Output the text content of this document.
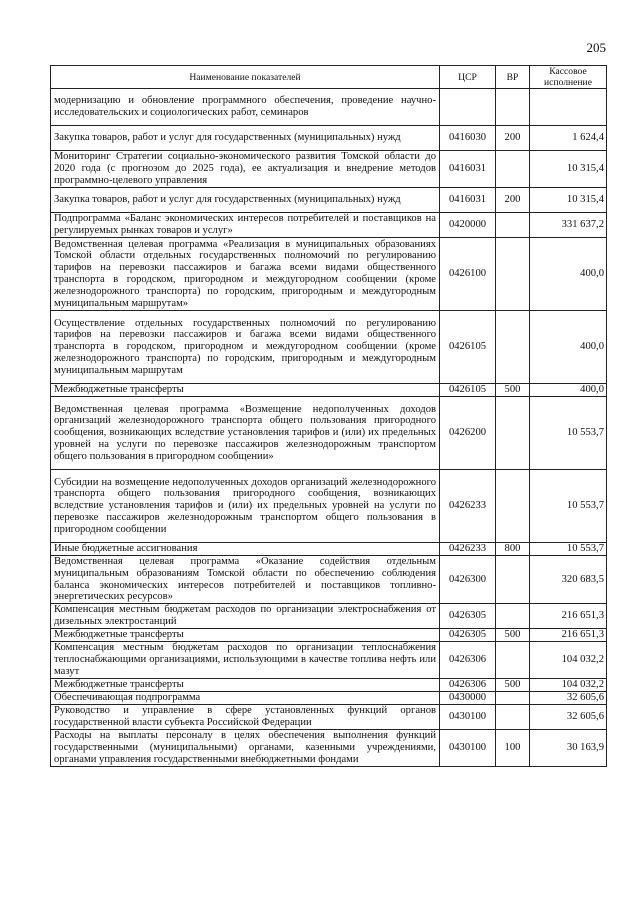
205
Наименование показателей	ЦСР	ВР	Кассовое исполнение
модернизацию и обновление программного обеспечения, проведение научно-исследовательских и социологических работ, семинаров			
Закупка товаров, работ и услуг для государственных (муниципальных) нужд	0416030	200	1 624,4
Мониторинг Стратегии социально-экономического развития Томской области до 2020 года (с прогнозом до 2025 года), ее актуализация и внедрение методов программно-целевого управления	0416031		10 315,4
Закупка товаров, работ и услуг для государственных (муниципальных) нужд	0416031	200	10 315,4
Подпрограмма «Баланс экономических интересов потребителей и поставщиков на регулируемых рынках товаров и услуг»	0420000		331 637,2
Ведомственная целевая программа «Реализация в муниципальных образованиях Томской области отдельных государственных полномочий по регулированию тарифов на перевозки пассажиров и багажа всеми видами общественного транспорта в городском, пригородном и междугородном сообщении (кроме железнодорожного транспорта) по городским, пригородным и междугородным муниципальным маршрутам»	0426100		400,0
Осуществление отдельных государственных полномочий по регулированию тарифов на перевозки пассажиров и багажа всеми видами общественного транспорта в городском, пригородном и междугородном сообщении (кроме железнодорожного транспорта) по городским, пригородным и междугородным муниципальным маршрутам	0426105		400,0
Межбюджетные трансферты	0426105	500	400,0
Ведомственная целевая программа «Возмещение недополученных доходов организаций железнодорожного транспорта общего пользования пригородного сообщения, возникающих вследствие установления тарифов и (или) их предельных уровней на услуги по перевозке пассажиров железнодорожным транспортом общего пользования в пригородном сообщении»	0426200		10 553,7
Субсидии на возмещение недополученных доходов организаций железнодорожного транспорта общего пользования пригородного сообщения, возникающих вследствие установления тарифов и (или) их предельных уровней на услуги по перевозке пассажиров железнодорожным транспортом общего пользования в пригородном сообщении	0426233		10 553,7
Иные бюджетные ассигнования	0426233	800	10 553,7
Ведомственная целевая программа «Оказание содействия отдельным муниципальным образованиям Томской области по обеспечению соблюдения баланса экономических интересов потребителей и поставщиков топливно-энергетических ресурсов»	0426300		320 683,5
Компенсация местным бюджетам расходов по организации электроснабжения от дизельных электростанций	0426305		216 651,3
Межбюджетные трансферты	0426305	500	216 651,3
Компенсация местным бюджетам расходов по организации теплоснабжения теплоснабжающими организациями, использующими в качестве топлива нефть или мазут	0426306		104 032,2
Межбюджетные трансферты	0426306	500	104 032,2
Обеспечивающая подпрограмма	0430000		32 605,6
Руководство и управление в сфере установленных функций органов государственной власти субъекта Российской Федерации	0430100		32 605,6
Расходы на выплаты персоналу в целях обеспечения выполнения функций государственными (муниципальными) органами, казенными учреждениями, органами управления государственными внебюджетными фондами	0430100	100	30 163,9
